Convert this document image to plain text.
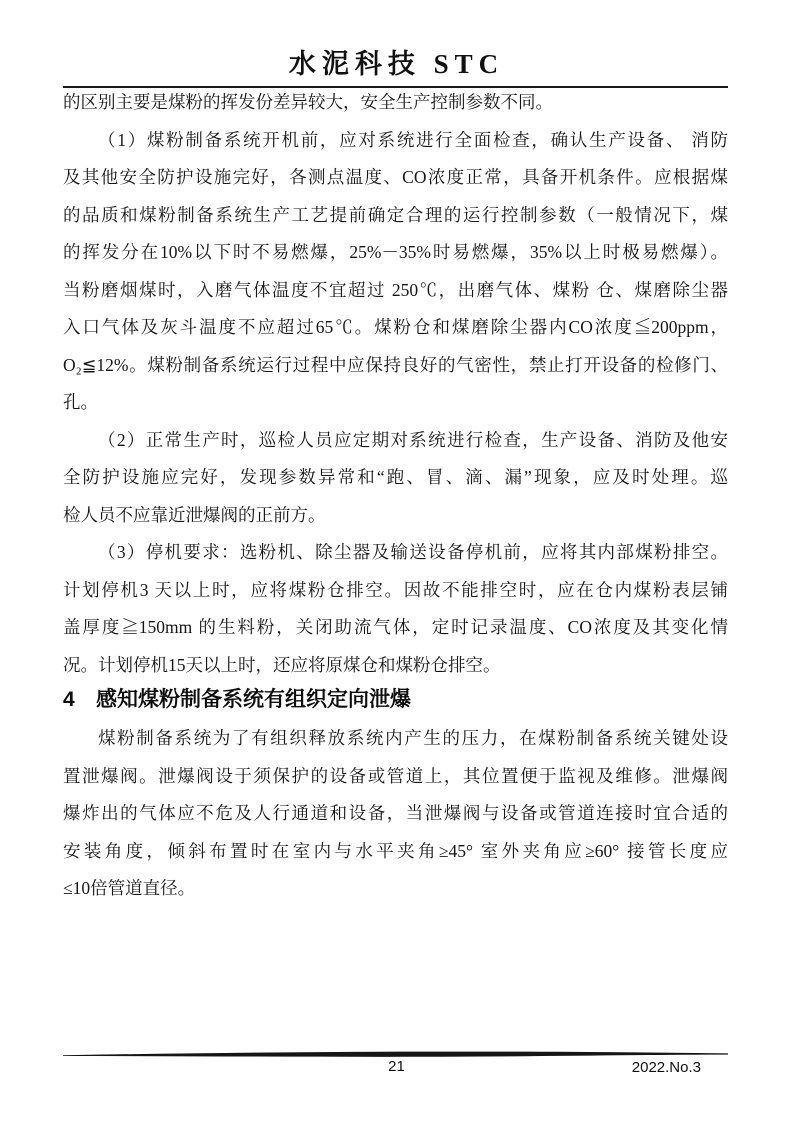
水泥科技 STC
的区别主要是煤粉的挥发份差异较大，安全生产控制参数不同。
（1）煤粉制备系统开机前，应对系统进行全面检查，确认生产设备、 消防
及其他安全防护设施完好，各测点温度、CO浓度正常，具备开机条件。应根据煤
的品质和煤粉制备系统生产工艺提前确定合理的运行控制参数（一般情况下，煤
的挥发分在10%以下时不易燃爆，25%－35%时易燃爆，35%以上时极易燃爆）。
当粉磨烟煤时，入磨气体温度不宜超过 250℃，出磨气体、煤粉 仓、煤磨除尘器
入口气体及灰斗温度不应超过65℃。煤粉仓和煤磨除尘器内CO浓度≦200ppm，
O₂≦12%。煤粉制备系统运行过程中应保持良好的气密性，禁止打开设备的检修门、
孔。
（2）正常生产时，巡检人员应定期对系统进行检查，生产设备、消防及他安
全防护设施应完好，发现参数异常和“跑、冒、滴、漏”现象，应及时处理。巡
检人员不应靠近泄爆阀的正前方。
（3）停机要求：选粉机、除尘器及输送设备停机前，应将其内部煤粉排空。
计划停机3 天以上时，应将煤粉仓排空。因故不能排空时，应在仓内煤粉表层铺
盖厚度≧150mm 的生料粉，关闭助流气体，定时记录温度、CO浓度及其变化情
况。计划停机15天以上时，还应将原煤仓和煤粉仓排空。
4 感知煤粉制备系统有组织定向泄爆
煤粉制备系统为了有组织释放系统内产生的压力，在煤粉制备系统关键处设
置泄爆阀。泄爆阀设于须保护的设备或管道上，其位置便于监视及维修。泄爆阀
爆炸出的气体应不危及人行通道和设备，当泄爆阀与设备或管道连接时宜合适的
安装角度，倾斜布置时在室内与水平夹角≥45° 室外夹角应≥60° 接管长度应
≤10倍管道直径。
21	2022.No.3
